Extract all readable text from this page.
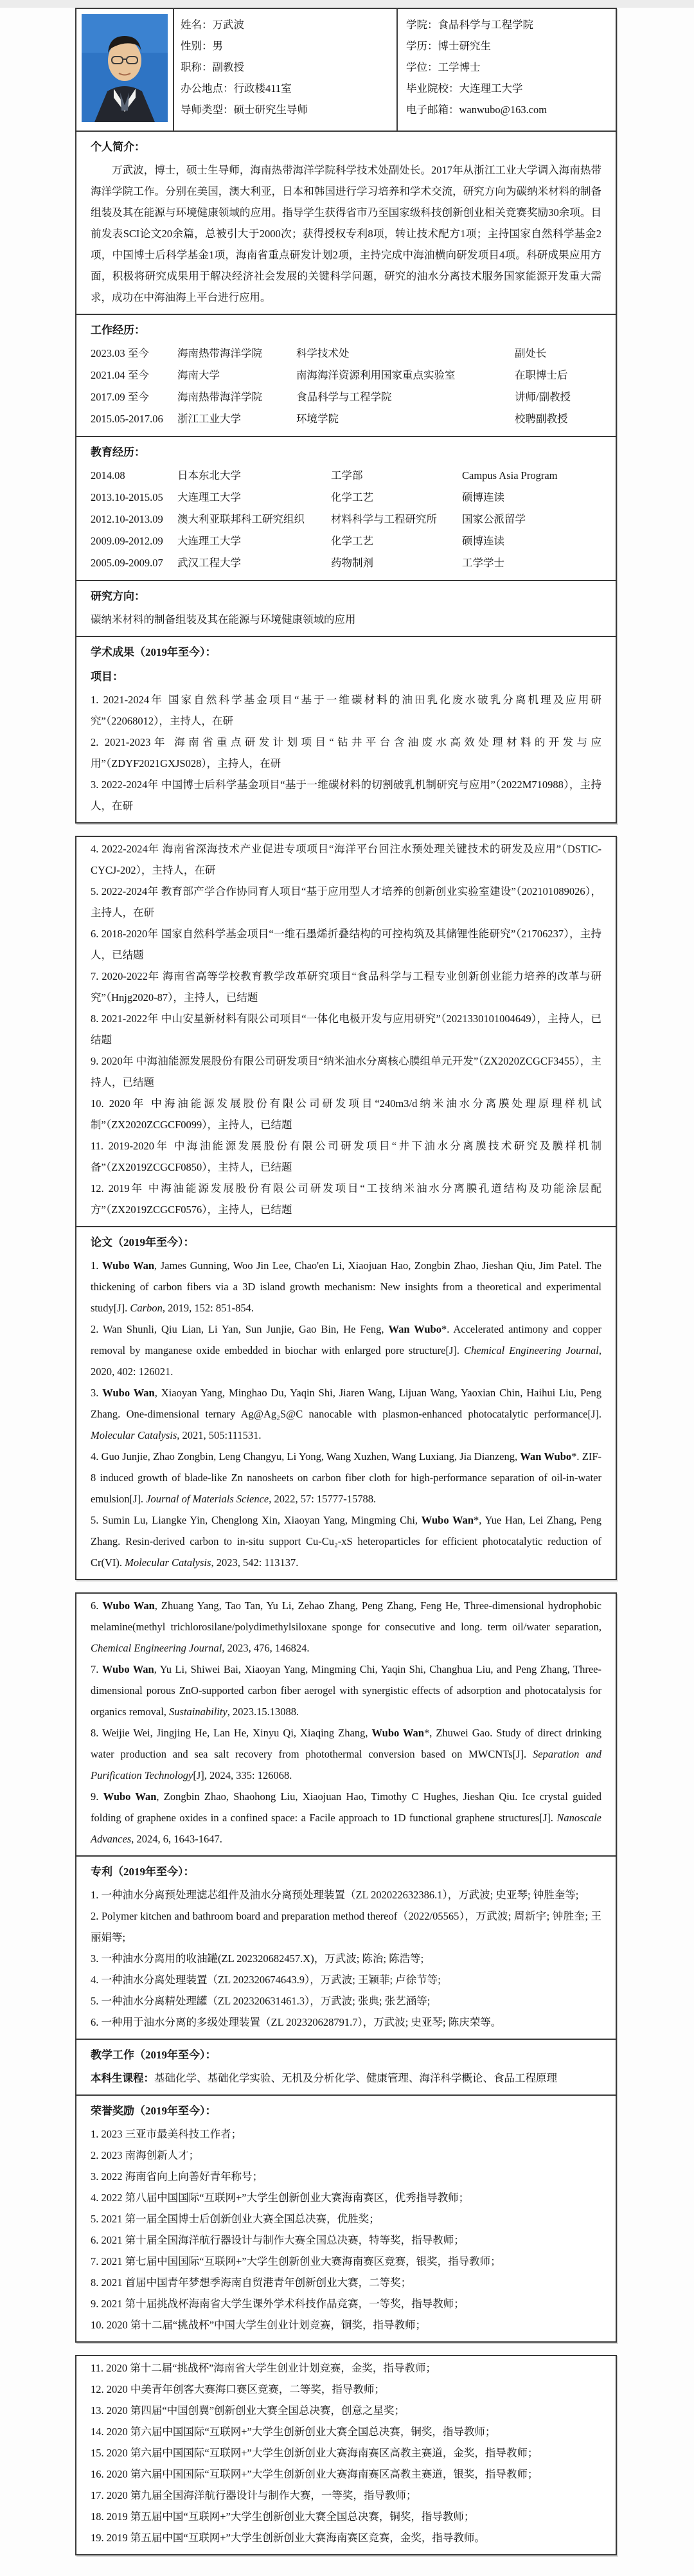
姓名：万武波
性别：男
职称：副教授
办公地点：行政楼411室
导师类型：硕士研究生导师
学院：食品科学与工程学院
学历：博士研究生
学位：工学博士
毕业院校：大连理工大学
电子邮箱：wanwubo@163.com
个人简介：

万武波，博士，硕士生导师，海南热带海洋学院科学技术处副处长。2017年从浙江工业大学调入海南热带海洋学院工作。分别在美国，澳大利亚，日本和韩国进行学习培养和学术交流，研究方向为碳纳米材料的制备组装及其在能源与环境健康领域的应用。指导学生获得省市乃至国家级科技创新创业相关竞赛奖励30余项。目前发表SCI论文20余篇，总被引大于2000次；获得授权专利8项，转让技术配方1项；主持国家自然科学基金2项，中国博士后科学基金1项，海南省重点研发计划2项，主持完成中海油横向研发项目4项。科研成果应用方面，积极将研究成果用于解决经济社会发展的关键科学问题，研究的油水分离技术服务国家能源开发重大需求，成功在中海油海上平台进行应用。

工作经历：
2023.03 至今	海南热带海洋学院	科学技术处	副处长
2021.04 至今	海南大学	南海海洋资源利用国家重点实验室	在职博士后
2017.09 至今	海南热带海洋学院	食品科学与工程学院	讲师/副教授
2015.05-2017.06	浙江工业大学	环境学院	校聘副教授
教育经历：
2014.08	日本东北大学	工学部	Campus Asia Program
2013.10-2015.05	大连理工大学	化学工艺	硕博连读
2012.10-2013.09	澳大利亚联邦科工研究组织	材料科学与工程研究所	国家公派留学
2009.09-2012.09	大连理工大学	化学工艺	硕博连读
2005.09-2009.07	武汉工程大学	药物制剂	工学学士
研究方向：

碳纳米材料的制备组装及其在能源与环境健康领域的应用

学术成果（2019年至今）：
项目：

1. 2021-2024年 国家自然科学基金项目“基于一维碳材料的油田乳化废水破乳分离机理及应用研究”（22068012），主持人，在研

2. 2021-2023年 海南省重点研发计划项目“钻井平台含油废水高效处理材料的开发与应用”（ZDYF2021GXJS028），主持人，在研

3. 2022-2024年 中国博士后科学基金项目“基于一维碳材料的切割破乳机制研究与应用”（2022M710988），主持人，在研

4. 2022-2024年 海南省深海技术产业促进专项项目“海洋平台回注水预处理关键技术的研发及应用”（DSTIC-CYCJ-202），主持人，在研

5. 2022-2024年 教育部产学合作协同育人项目“基于应用型人才培养的创新创业实验室建设”（202101089026），主持人，在研

6. 2018-2020年 国家自然科学基金项目“一维石墨烯折叠结构的可控构筑及其储锂性能研究”（21706237），主持人，已结题

7. 2020-2022年 海南省高等学校教育教学改革研究项目“食品科学与工程专业创新创业能力培养的改革与研究”（Hnjg2020-87），主持人，已结题

8. 2021-2022年 中山安星新材料有限公司项目“一体化电极开发与应用研究”（2021330101004649），主持人，已结题

9. 2020年 中海油能源发展股份有限公司研发项目“纳米油水分离核心膜组单元开发”（ZX2020ZCGCF3455），主持人，已结题

10. 2020年 中海油能源发展股份有限公司研发项目“240m3/d纳米油水分离膜处理原理样机试制”（ZX2020ZCGCF0099），主持人，已结题

11. 2019-2020年 中海油能源发展股份有限公司研发项目“井下油水分离膜技术研究及膜样机制备”（ZX2019ZCGCF0850），主持人，已结题

12. 2019年 中海油能源发展股份有限公司研发项目“工技纳米油水分离膜孔道结构及功能涂层配方”（ZX2019ZCGCF0576），主持人，已结题

论文（2019年至今）：

1. Wubo Wan, James Gunning, Woo Jin Lee, Chao'en Li, Xiaojuan Hao, Zongbin Zhao, Jieshan Qiu, Jim Patel. The thickening of carbon fibers via a 3D island growth mechanism: New insights from a theoretical and experimental study[J]. Carbon, 2019, 152: 851-854.

2. Wan Shunli, Qiu Lian, Li Yan, Sun Junjie, Gao Bin, He Feng, Wan Wubo*. Accelerated antimony and copper removal by manganese oxide embedded in biochar with enlarged pore structure[J]. Chemical Engineering Journal, 2020, 402: 126021.

3. Wubo Wan, Xiaoyan Yang, Minghao Du, Yaqin Shi, Jiaren Wang, Lijuan Wang, Yaoxian Chin, Haihui Liu, Peng Zhang. One-dimensional ternary Ag@Ag₂S@C nanocable with plasmon-enhanced photocatalytic performance[J]. Molecular Catalysis, 2021, 505:111531.

4. Guo Junjie, Zhao Zongbin, Leng Changyu, Li Yong, Wang Xuzhen, Wang Luxiang, Jia Dianzeng, Wan Wubo*. ZIF-8 induced growth of blade-like Zn nanosheets on carbon fiber cloth for high-performance separation of oil-in-water emulsion[J]. Journal of Materials Science, 2022, 57: 15777-15788.

5. Sumin Lu, Liangke Yin, Chenglong Xin, Xiaoyan Yang, Mingming Chi, Wubo Wan*, Yue Han, Lei Zhang, Peng Zhang. Resin-derived carbon to in-situ support Cu-Cu₂-xS heteroparticles for efficient photocatalytic reduction of Cr(VI). Molecular Catalysis, 2023, 542: 113137.

6. Wubo Wan, Zhuang Yang, Tao Tan, Yu Li, Zehao Zhang, Peng Zhang, Feng He, Three-dimensional hydrophobic melamine(methyl trichlorosilane/polydimethylsiloxane sponge for consecutive and long. term oil/water separation, Chemical Engineering Journal, 2023, 476, 146824.

7. Wubo Wan, Yu Li, Shiwei Bai, Xiaoyan Yang, Mingming Chi, Yaqin Shi, Changhua Liu, and Peng Zhang, Three-dimensional porous ZnO-supported carbon fiber aerogel with synergistic effects of adsorption and photocatalysis for organics removal, Sustainability, 2023.15.13088.

8. Weijie Wei, Jingjing He, Lan He, Xinyu Qi, Xiaqing Zhang, Wubo Wan*, Zhuwei Gao. Study of direct drinking water production and sea salt recovery from photothermal conversion based on MWCNTs[J]. Separation and Purification Technology[J], 2024, 335: 126068.

9. Wubo Wan, Zongbin Zhao, Shaohong Liu, Xiaojuan Hao, Timothy C Hughes, Jieshan Qiu. Ice crystal guided folding of graphene oxides in a confined space: a Facile approach to 1D functional graphene structures[J]. Nanoscale Advances, 2024, 6, 1643-1647.

专利（2019年至今）：

1. 一种油水分离预处理滤芯组件及油水分离预处理装置（ZL 202022632386.1），万武波; 史亚琴; 钟胜奎等;

2. Polymer kitchen and bathroom board and preparation method thereof（2022/05565），万武波; 周新宇; 钟胜奎; 王丽娟等;

3. 一种油水分离用的收油罐(ZL 202320682457.X)，万武波; 陈治; 陈浩等;

4. 一种油水分离处理装置（ZL 202320674643.9），万武波; 王颖菲; 卢徐节等;

5. 一种油水分离精处理罐（ZL 202320631461.3），万武波; 张典; 张艺涵等;

6. 一种用于油水分离的多级处理装置（ZL 202320628791.7），万武波; 史亚琴; 陈庆荣等。

教学工作（2019年至今）：

本科生课程：基础化学、基础化学实验、无机及分析化学、健康管理、海洋科学概论、食品工程原理

荣誉奖励（2019年至今）：

1. 2023 三亚市最美科技工作者；

2. 2023 南海创新人才；

3. 2022 海南省向上向善好青年称号；

4. 2022 第八届中国国际“互联网+”大学生创新创业大赛海南赛区，优秀指导教师；

5. 2021 第一届全国博士后创新创业大赛全国总决赛，优胜奖；

6. 2021 第十届全国海洋航行器设计与制作大赛全国总决赛，特等奖，指导教师；

7. 2021 第七届中国国际“互联网+”大学生创新创业大赛海南赛区竞赛，银奖，指导教师；

8. 2021 首届中国青年梦想季海南自贸港青年创新创业大赛，二等奖；

9. 2021 第十届挑战杯海南省大学生课外学术科技作品竞赛，一等奖，指导教师；

10. 2020 第十二届“挑战杯”中国大学生创业计划竞赛，铜奖，指导教师；

11. 2020 第十二届“挑战杯”海南省大学生创业计划竞赛，金奖，指导教师；

12. 2020 中美青年创客大赛海口赛区竞赛，二等奖，指导教师；

13. 2020 第四届“中国创翼”创新创业大赛全国总决赛，创意之星奖；

14. 2020 第六届中国国际“互联网+”大学生创新创业大赛全国总决赛，铜奖，指导教师；

15. 2020 第六届中国国际“互联网+”大学生创新创业大赛海南赛区高教主赛道，金奖，指导教师；

16. 2020 第六届中国国际“互联网+”大学生创新创业大赛海南赛区高教主赛道，银奖，指导教师；

17. 2020 第九届全国海洋航行器设计与制作大赛，一等奖，指导教师；

18. 2019 第五届中国“互联网+”大学生创新创业大赛全国总决赛，铜奖，指导教师；

19. 2019 第五届中国“互联网+”大学生创新创业大赛海南赛区竞赛，金奖，指导教师。
